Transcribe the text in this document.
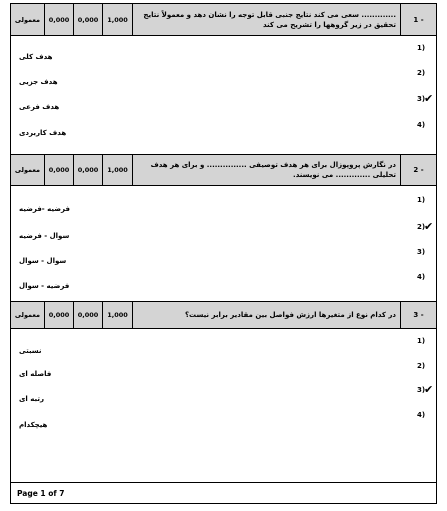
معمولی	0,000	0,000	1,000
............. سعی می کند نتایج جنبی قابل توجه را نشان دهد و معمولاً نتایج تحقیق در زیر گروهها را تشریح می کند
1 -
1)
هدف کلی
2)
هدف جزیی
3)
✔
هدف فرعی
4)
هدف کاربردی
معمولی	0,000	0,000	1,000
در نگارش پروپوزال برای هر هدف توصیفی ............... و برای هر هدف تحلیلی ............. می نویسند.
2 -
1)
فرضیه -فرضیه
2)
✔
سوال - فرضیه
3)
سوال - سوال
4)
فرضیه - سوال
معمولی	0,000	0,000	1,000	در کدام نوع از متغیرها ارزش فواصل بین مقادیر برابر نیست؟	3 -
1)
نسبتی
2)
فاصله ای
3)
✔
رتبه ای
4)
هیچکدام
Page 1 of 7
